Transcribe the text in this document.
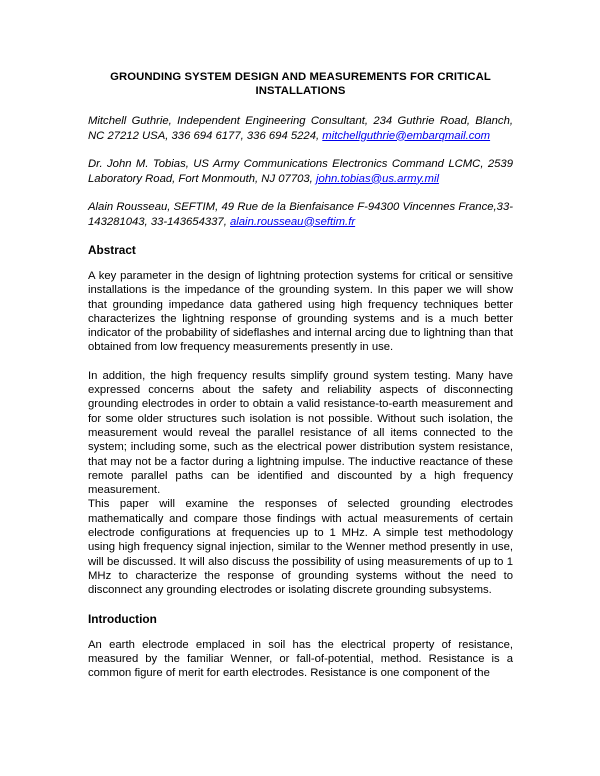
GROUNDING SYSTEM DESIGN AND MEASUREMENTS FOR CRITICAL INSTALLATIONS

Mitchell Guthrie, Independent Engineering Consultant, 234 Guthrie Road, Blanch, NC 27212 USA, 336 694 6177, 336 694 5224, mitchellguthrie@embarqmail.com

Dr. John M. Tobias, US Army Communications Electronics Command LCMC, 2539 Laboratory Road, Fort Monmouth, NJ 07703, john.tobias@us.army.mil

Alain Rousseau, SEFTIM, 49 Rue de la Bienfaisance F-94300 Vincennes France,33-143281043, 33-143654337, alain.rousseau@seftim.fr

Abstract

A key parameter in the design of lightning protection systems for critical or sensitive installations is the impedance of the grounding system. In this paper we will show that grounding impedance data gathered using high frequency techniques better characterizes the lightning response of grounding systems and is a much better indicator of the probability of sideflashes and internal arcing due to lightning than that obtained from low frequency measurements presently in use.

In addition, the high frequency results simplify ground system testing. Many have expressed concerns about the safety and reliability aspects of disconnecting grounding electrodes in order to obtain a valid resistance-to-earth measurement and for some older structures such isolation is not possible. Without such isolation, the measurement would reveal the parallel resistance of all items connected to the system; including some, such as the electrical power distribution system resistance, that may not be a factor during a lightning impulse. The inductive reactance of these remote parallel paths can be identified and discounted by a high frequency measurement.

This paper will examine the responses of selected grounding electrodes mathematically and compare those findings with actual measurements of certain electrode configurations at frequencies up to 1 MHz. A simple test methodology using high frequency signal injection, similar to the Wenner method presently in use, will be discussed. It will also discuss the possibility of using measurements of up to 1 MHz to characterize the response of grounding systems without the need to disconnect any grounding electrodes or isolating discrete grounding subsystems.

Introduction

An earth electrode emplaced in soil has the electrical property of resistance, measured by the familiar Wenner, or fall-of-potential, method. Resistance is a common figure of merit for earth electrodes. Resistance is one component of the
